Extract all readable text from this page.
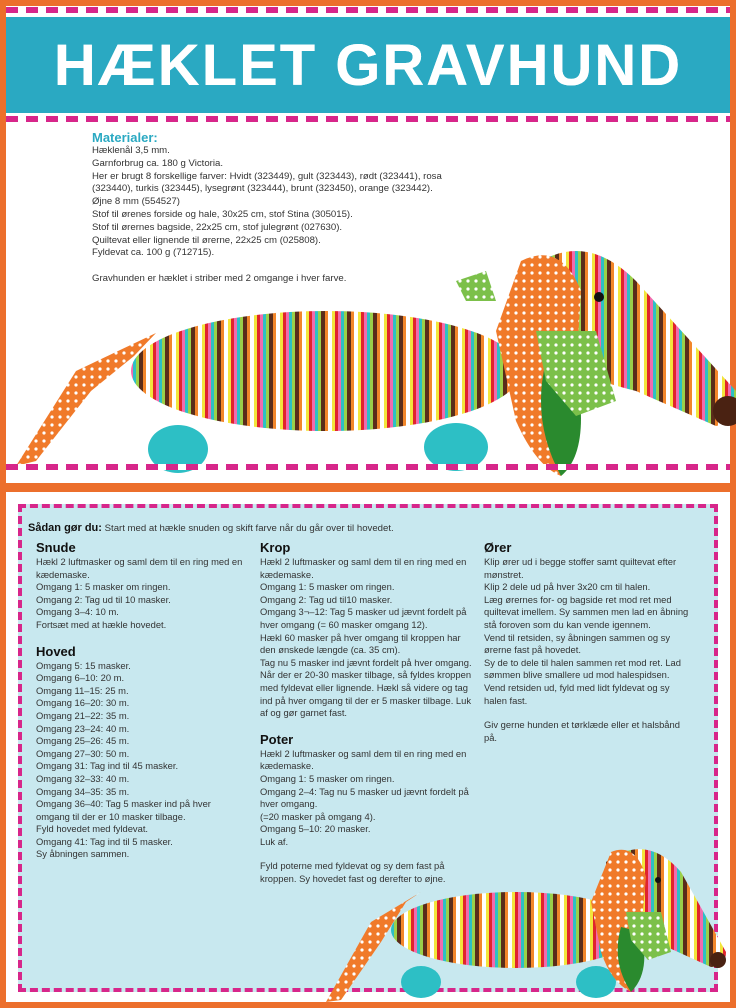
HÆKLET GRAVHUND
Materialer:

Hæklenål 3,5 mm.
Garnforbrug ca. 180 g Victoria.
Her er brugt 8 forskellige farver: Hvidt (323449), gult (323443), rødt (323441), rosa (323440), turkis (323445), lysegrønt (323444), brunt (323450), orange (323442).
Øjne 8 mm (554527)
Stof til ørenes forside og hale, 30x25 cm, stof Stina (305015).
Stof til ørernes bagside, 22x25 cm, stof julegrønt (027630).
Quiltevat eller lignende til ørerne, 22x25 cm (025808).
Fyldevat ca. 100 g (712715).

Gravhunden er hæklet i striber med 2 omgange i hver farve.

Sådan gør du: Start med at hækle snuden og skift farve når du går over til hovedet.
Snude

Hækl 2 luftmasker og saml dem til en ring med en kædemaske.
Omgang 1: 5 masker om ringen.
Omgang 2: Tag ud til 10 masker.
Omgang 3–4: 10 m.
Fortsæt med at hækle hovedet.

Hoved

Omgang 5: 15 masker.
Omgang 6–10: 20 m.
Omgang 11–15: 25 m.
Omgang 16–20: 30 m.
Omgang 21–22: 35 m.
Omgang 23–24: 40 m.
Omgang 25–26: 45 m.
Omgang 27–30: 50 m.
Omgang 31: Tag ind til 45 masker.
Omgang 32–33: 40 m.
Omgang 34–35: 35 m.
Omgang 36–40: Tag 5 masker ind på hver omgang til der er 10 masker tilbage.
Fyld hovedet med fyldevat.
Omgang 41: Tag ind til 5 masker.
Sy åbningen sammen.

Krop

Hækl 2 luftmasker og saml dem til en ring med en kædemaske.
Omgang 1: 5 masker om ringen.
Omgang 2: Tag ud til10 masker.
Omgang 3¬–12: Tag 5 masker ud jævnt fordelt på hver omgang (= 60 masker omgang 12).
Hækl 60 masker på hver omgang til kroppen har den ønskede længde (ca. 35 cm).
Tag nu 5 masker ind jævnt fordelt på hver omgang.
Når der er 20-30 masker tilbage, så fyldes kroppen med fyldevat eller lignende. Hækl så videre og tag ind på hver omgang til der er 5 masker tilbage. Luk af og gør garnet fast.

Poter

Hækl 2 luftmasker og saml dem til en ring med en kædemaske.
Omgang 1: 5 masker om ringen.
Omgang 2–4: Tag nu 5 masker ud jævnt fordelt på hver omgang.
(=20 masker på omgang 4).
Omgang 5–10: 20 masker.
Luk af.

Fyld poterne med fyldevat og sy dem fast på kroppen. Sy hovedet fast og derefter to øjne.

Ører

Klip ører ud i begge stoffer samt quiltevat efter mønstret.
Klip 2 dele ud på hver 3x20 cm til halen.
Læg ørernes for- og bagside ret mod ret med quiltevat imellem. Sy sammen men lad en åbning stå foroven som du kan vende igennem.
Vend til retsiden, sy åbningen sammen og sy ørerne fast på hovedet.
Sy de to dele til halen sammen ret mod ret. Lad sømmen blive smallere ud mod halespidsen.
Vend retsiden ud, fyld med lidt fyldevat og sy halen fast.

Giv gerne hunden et tørklæde eller et halsbånd på.
